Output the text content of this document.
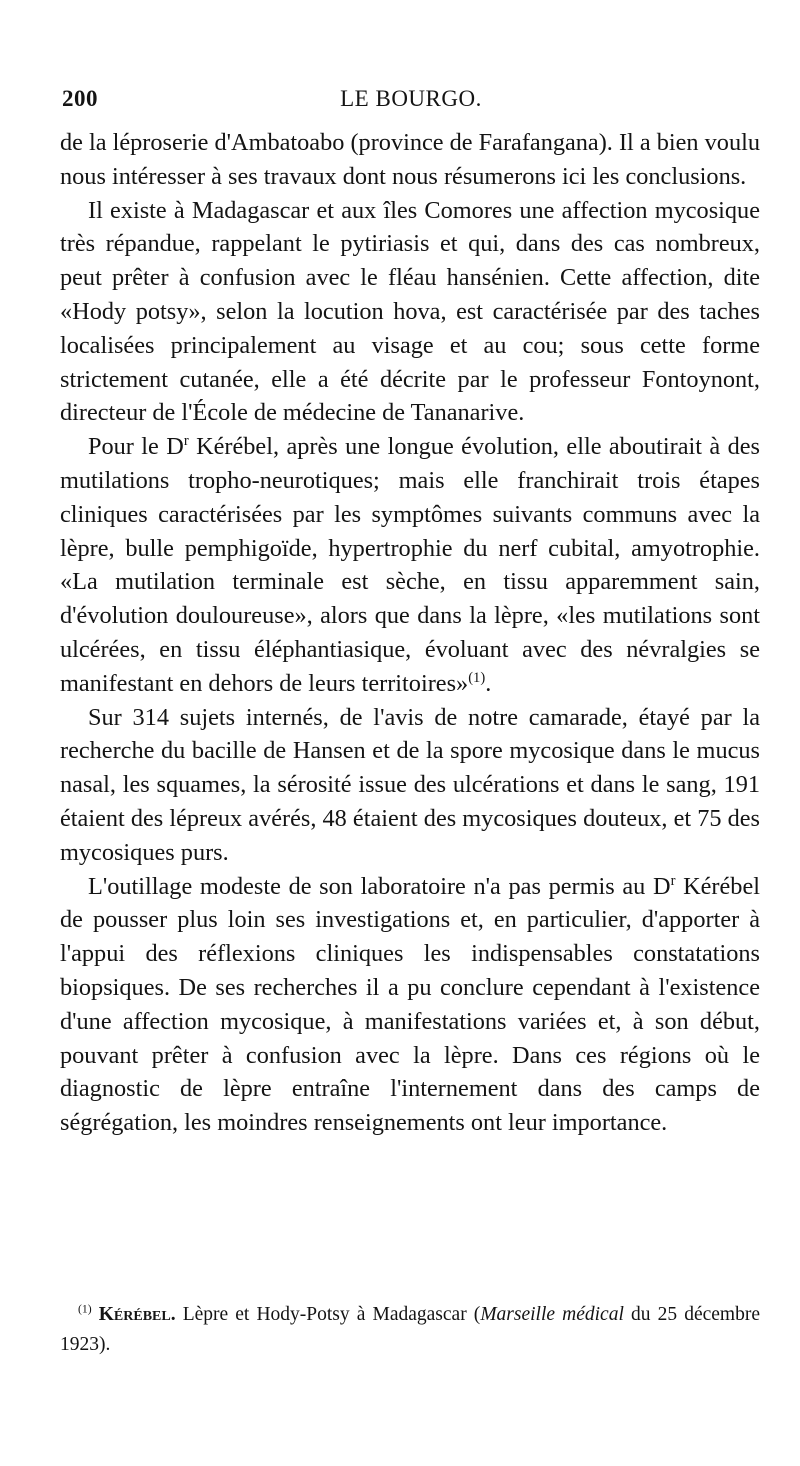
200	LE BOURGO.

de la léproserie d'Ambatoabo (province de Farafangana). Il a bien voulu nous intéresser à ses travaux dont nous résumerons ici les conclusions.

Il existe à Madagascar et aux îles Comores une affection mycosique très répandue, rappelant le pytiriasis et qui, dans des cas nombreux, peut prêter à confusion avec le fléau hansénien. Cette affection, dite «Hody potsy», selon la locution hova, est caractérisée par des taches localisées principalement au visage et au cou; sous cette forme strictement cutanée, elle a été décrite par le professeur Fontoynont, directeur de l'École de médecine de Tananarive.

Pour le $D^r$ Kérébel, après une longue évolution, elle aboutirait à des mutilations tropho-neurotiques; mais elle franchirait trois étapes cliniques caractérisées par les symptômes suivants communs avec la lèpre, bulle pemphigoïde, hypertrophie du nerf cubital, amyotrophie. «La mutilation terminale est sèche, en tissu apparemment sain, d'évolution douloureuse», alors que dans la lèpre, «les mutilations sont ulcérées, en tissu éléphantiasique, évoluant avec des névralgies se manifestant en dehors de leurs territoires»$^{(1)}$.

Sur 314 sujets internés, de l'avis de notre camarade, étayé par la recherche du bacille de Hansen et de la spore mycosique dans le mucus nasal, les squames, la sérosité issue des ulcérations et dans le sang, 191 étaient des lépreux avérés, 48 étaient des mycosiques douteux, et 75 des mycosiques purs.

L'outillage modeste de son laboratoire n'a pas permis au $D^r$ Kérébel de pousser plus loin ses investigations et, en particulier, d'apporter à l'appui des réflexions cliniques les indispensables constatations biopsiques. De ses recherches il a pu conclure cependant à l'existence d'une affection mycosique, à manifestations variées et, à son début, pouvant prêter à confusion avec la lèpre. Dans ces régions où le diagnostic de lèpre entraîne l'internement dans des camps de ségrégation, les moindres renseignements ont leur importance.

$^{(1)}$ Kérébel. Lèpre et Hody-Potsy à Madagascar (Marseille médical du 25 décembre 1923).
